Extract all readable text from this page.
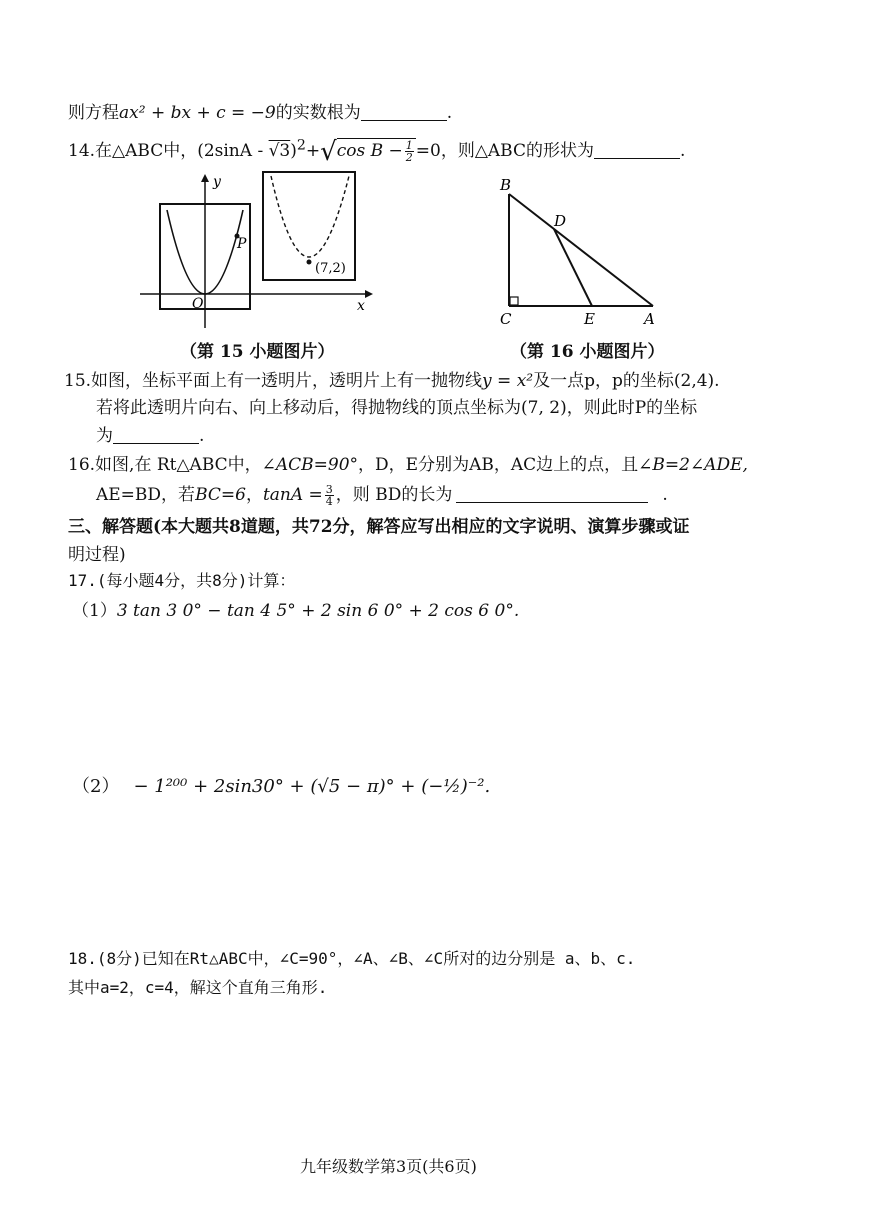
则方程ax² + bx + c = −9的实数根为	.
14.在△ABC中，(2sinA - √3)$^2$+√cos $B - \frac{1}{2} =0$，则△ABC的形状为	.
y
x
O
P
(7,2)
（第 15 小题图片）
B
D
C	E	A
（第 16 小题图片）
15.如图，坐标平面上有一透明片，透明片上有一抛物线y = x²及一点p，p的坐标(2,4).
若将此透明片向右、向上移动后，得抛物线的顶点坐标为(7, 2)，则此时P的坐标
为	.
16.如图,在 Rt△ABC中，∠ACB=90°，D，E分别为AB，AC边上的点，且∠B=2∠ADE,
AE=BD，若BC=6，$\tan A = \frac{3}{4}$ ，则 BD的长为	.
三、解答题(本大题共8道题，共72分，解答应写出相应的文字说明、演算步骤或证
明过程)
17.(每小题4分，共8分)计算：
（1）3 tan 3 0° − tan 4 5° + 2 sin 6 0° + 2 cos 6 0°.
（2） − 1²⁰⁰ + 2sin30° + (√5 − π)° + (−½)⁻².
18.(8分)已知在Rt△ABC中，∠C=90°，∠A、∠B、∠C所对的边分别是 a、b、c.
其中a=2，c=4，解这个直角三角形.
九年级数学第3页(共6页)
